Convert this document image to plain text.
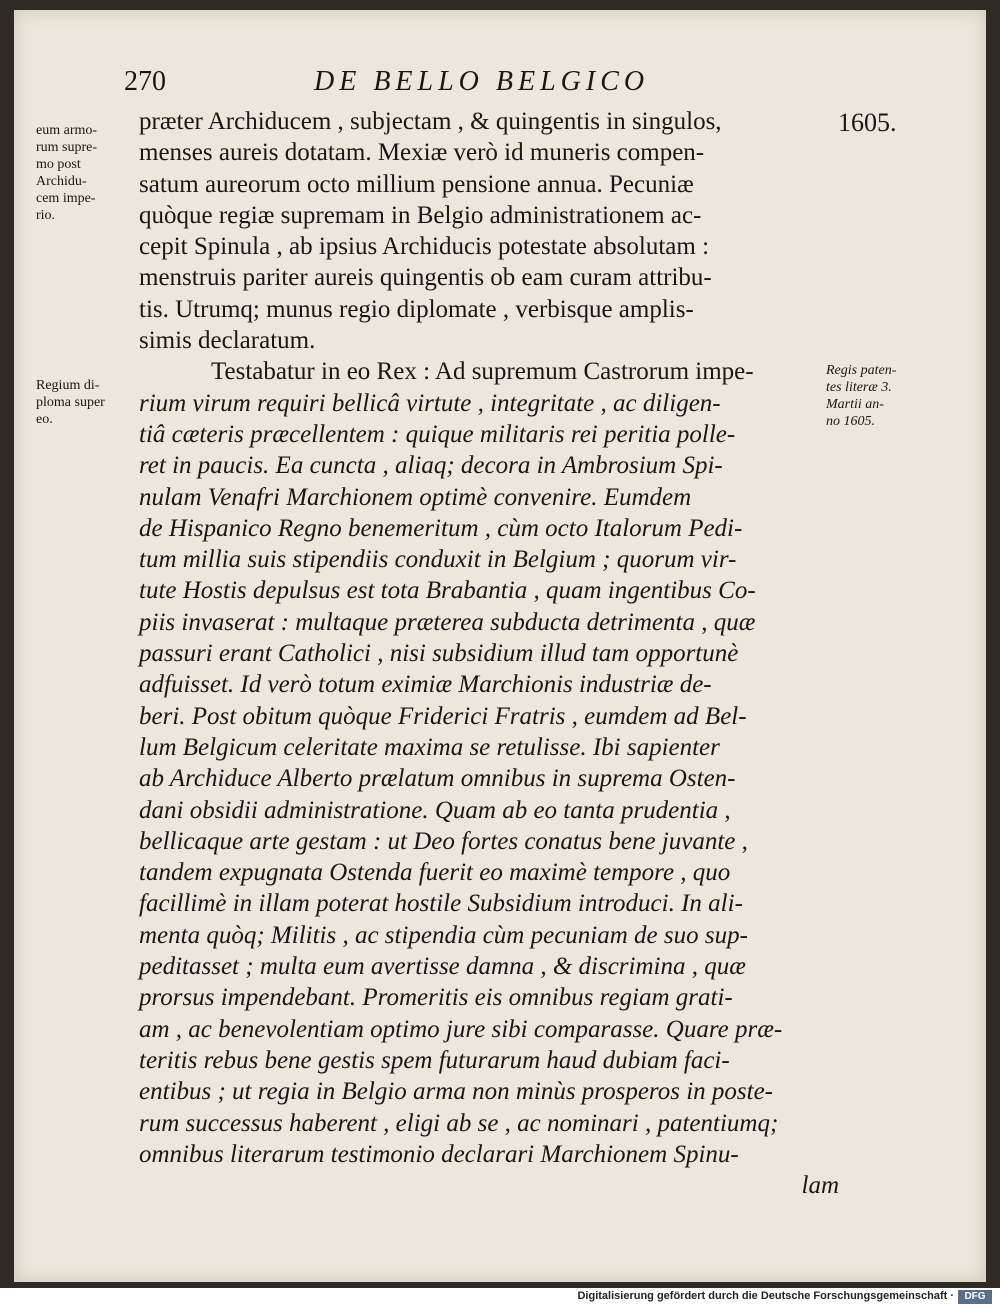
270	DE BELLO BELGICO
1605.
eum armo-
rum supre-
mo post
Archidu-
cem impe-
rio.
Regium di-
ploma super
eo.
Regis paten-
tes literæ 3.
Martii an-
no 1605.
præter Archiducem , subjectam , & quingentis in singulos,
menses aureis dotatam. Mexiæ verò id muneris compen-
satum aureorum octo millium pensione annua. Pecuniæ
quòque regiæ supremam in Belgio administrationem ac-
cepit Spinula , ab ipsius Archiducis potestate absolutam :
menstruis pariter aureis quingentis ob eam curam attribu-
tis. Utrumq; munus regio diplomate , verbisque amplis-
simis declaratum.
Testabatur in eo Rex : Ad supremum Castrorum impe-
rium virum requiri bellicâ virtute , integritate , ac diligen-
tiâ cæteris præcellentem : quique militaris rei peritia polle-
ret in paucis. Ea cuncta , aliaq; decora in Ambrosium Spi-
nulam Venafri Marchionem optimè convenire. Eumdem
de Hispanico Regno benemeritum , cùm octo Italorum Pedi-
tum millia suis stipendiis conduxit in Belgium ; quorum vir-
tute Hostis depulsus est tota Brabantia , quam ingentibus Co-
piis invaserat : multaque præterea subducta detrimenta , quæ
passuri erant Catholici , nisi subsidium illud tam opportunè
adfuisset. Id verò totum eximiæ Marchionis industriæ de-
beri. Post obitum quòque Friderici Fratris , eumdem ad Bel-
lum Belgicum celeritate maxima se retulisse. Ibi sapienter
ab Archiduce Alberto prælatum omnibus in suprema Osten-
dani obsidii administratione. Quam ab eo tanta prudentia ,
bellicaque arte gestam : ut Deo fortes conatus bene juvante ,
tandem expugnata Ostenda fuerit eo maximè tempore , quo
facillimè in illam poterat hostile Subsidium introduci. In ali-
menta quòq; Militis , ac stipendia cùm pecuniam de suo sup-
peditasset ; multa eum avertisse damna , & discrimina , quæ
prorsus impendebant. Promeritis eis omnibus regiam grati-
am , ac benevolentiam optimo jure sibi comparasse. Quare præ-
teritis rebus bene gestis spem futurarum haud dubiam faci-
entibus ; ut regia in Belgio arma non minùs prosperos in poste-
rum successus haberent , eligi ab se , ac nominari , patentiumq;
omnibus literarum testimonio declarari Marchionem Spinu-
lam
Digitalisierung gefördert durch die Deutsche Forschungsgemeinschaft ·	DFG
